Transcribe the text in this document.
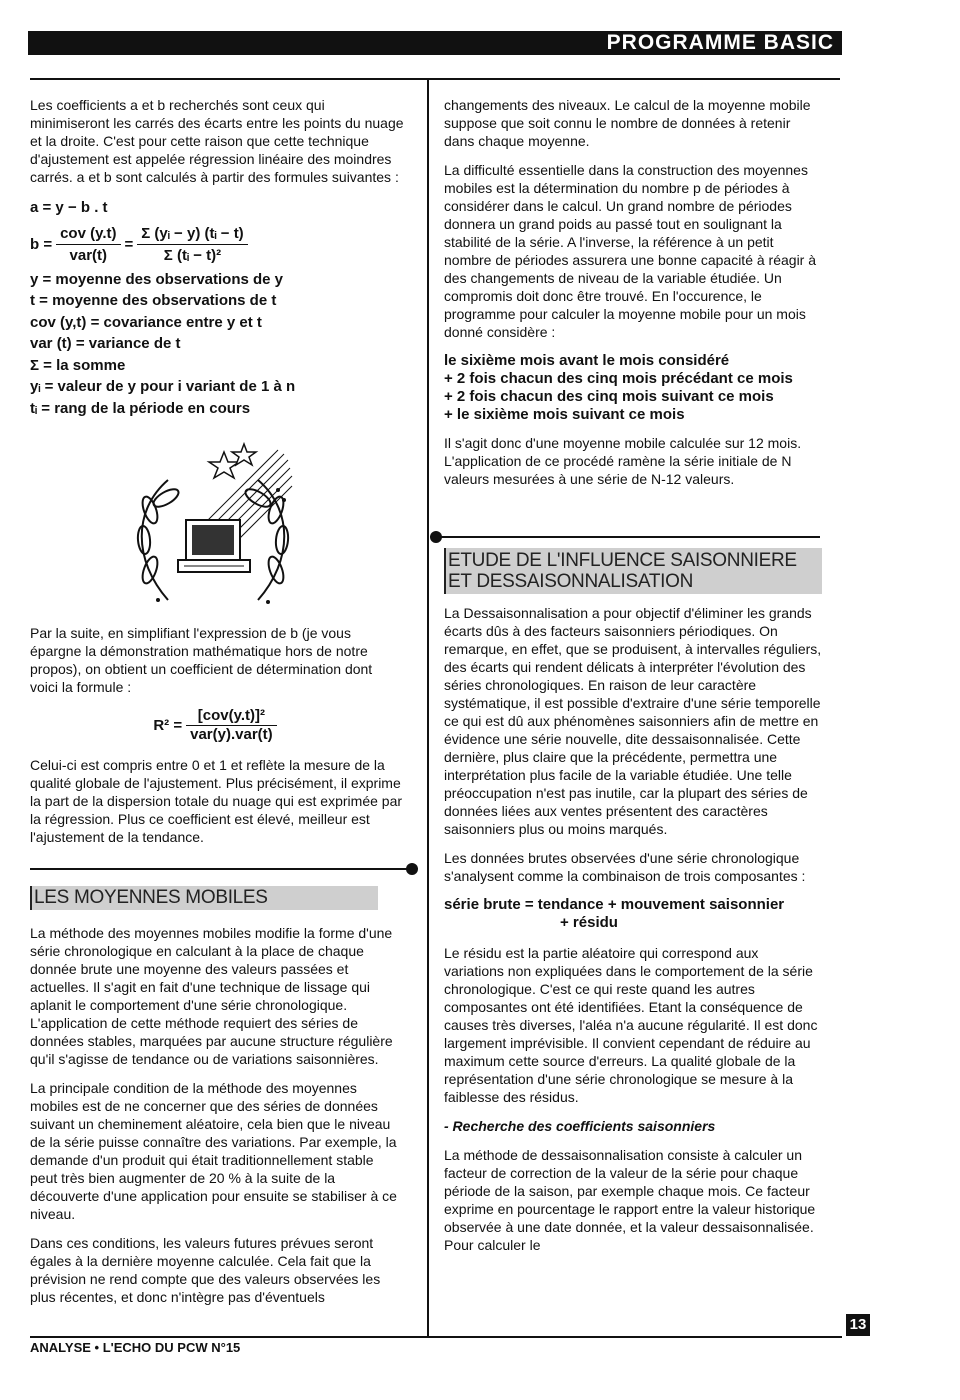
PROGRAMME BASIC

Les coefficients a et b recherchés sont ceux qui minimiseront les carrés des écarts entre les points du nuage et la droite. C'est pour cette raison que cette technique d'ajustement est appelée régression linéaire des moindres carrés. a et b sont calculés à partir des formules suivantes :

a = y − b . t
$b = \frac{\text{cov (y.t)}}{\text{var(t)}} = \frac{\text{Σ (yᵢ − y) (tᵢ − t)}}{\text{Σ (tᵢ − t)²}}$
y = moyenne des observations de y
t = moyenne des observations de t
cov (y,t) = covariance entre y et t
var (t) = variance de t
Σ = la somme
yᵢ = valeur de y pour i variant de 1 à n
tᵢ = rang de la période en cours

Par la suite, en simplifiant l'expression de b (je vous épargne la démonstration mathématique hors de notre propos), on obtient un coefficient de détermination dont voici la formule :

$R^2 = \frac{\text{[cov(y.t)]²}}{\text{var(y).var(t)}}$

Celui-ci est compris entre 0 et 1 et reflète la mesure de la qualité globale de l'ajustement. Plus précisément, il exprime la part de la dispersion totale du nuage qui est exprimée par la régression. Plus ce coefficient est élevé, meilleur est l'ajustement de la tendance.

LES MOYENNES MOBILES

La méthode des moyennes mobiles modifie la forme d'une série chronologique en calculant à la place de chaque donnée brute une moyenne des valeurs passées et actuelles. Il s'agit en fait d'une technique de lissage qui aplanit le comportement d'une série chronologique. L'application de cette méthode requiert des séries de données stables, marquées par aucune structure régulière qu'il s'agisse de tendance ou de variations saisonnières.

La principale condition de la méthode des moyennes mobiles est de ne concerner que des séries de données suivant un cheminement aléatoire, cela bien que le niveau de la série puisse connaître des variations. Par exemple, la demande d'un produit qui était traditionnellement stable peut très bien augmenter de 20 % à la suite de la découverte d'une application pour ensuite se stabiliser à ce niveau.

Dans ces conditions, les valeurs futures prévues seront égales à la dernière moyenne calculée. Cela fait que la prévision ne rend compte que des valeurs observées les plus récentes, et donc n'intègre pas d'éventuels

changements des niveaux. Le calcul de la moyenne mobile suppose que soit connu le nombre de données à retenir dans chaque moyenne.

La difficulté essentielle dans la construction des moyennes mobiles est la détermination du nombre p de périodes à considérer dans le calcul. Un grand nombre de périodes donnera un grand poids au passé tout en soulignant la stabilité de la série. A l'inverse, la référence à un petit nombre de périodes assurera une bonne capacité à réagir à des changements de niveau de la variable étudiée. Un compromis doit donc être trouvé. En l'occurence, le programme pour calculer la moyenne mobile pour un mois donné considère :

le sixième mois avant le mois considéré
+ 2 fois chacun des cinq mois précédant ce mois
+ 2 fois chacun des cinq mois suivant ce mois
+ le sixième mois suivant ce mois

Il s'agit donc d'une moyenne mobile calculée sur 12 mois. L'application de ce procédé ramène la série initiale de N valeurs mesurées à une série de N-12 valeurs.

ETUDE DE L'INFLUENCE SAISONNIERE
ET DESSAISONNALISATION

La Dessaisonnalisation a pour objectif d'éliminer les grands écarts dûs à des facteurs saisonniers périodiques. On remarque, en effet, que se produisent, à intervalles réguliers, des écarts qui rendent délicats à interpréter l'évolution des séries chronologiques. En raison de leur caractère systématique, il est possible d'extraire d'une série temporelle ce qui est dû aux phénomènes saisonniers afin de mettre en évidence une série nouvelle, dite dessaisonnalisée. Cette dernière, plus claire que la précédente, permettra une interprétation plus facile de la variable étudiée. Une telle préoccupation n'est pas inutile, car la plupart des séries de données liées aux ventes présentent des caractères saisonniers plus ou moins marqués.

Les données brutes observées d'une série chronologique s'analysent comme la combinaison de trois composantes :

série brute = tendance + mouvement saisonnier
+ résidu

Le résidu est la partie aléatoire qui correspond aux variations non expliquées dans le comportement de la série chronologique. C'est ce qui reste quand les autres composantes ont été identifiées. Etant la conséquence de causes très diverses, l'aléa n'a aucune régularité. Il est donc largement imprévisible. Il convient cependant de réduire au maximum cette source d'erreurs. La qualité globale de la représentation d'une série chronologique se mesure à la faiblesse des résidus.

- Recherche des coefficients saisonniers

La méthode de dessaisonnalisation consiste à calculer un facteur de correction de la valeur de la série pour chaque période de la saison, par exemple chaque mois. Ce facteur exprime en pourcentage le rapport entre la valeur historique observée à une date donnée, et la valeur dessaisonnalisée. Pour calculer le

ANALYSE • L'ECHO DU PCW N°15
13
